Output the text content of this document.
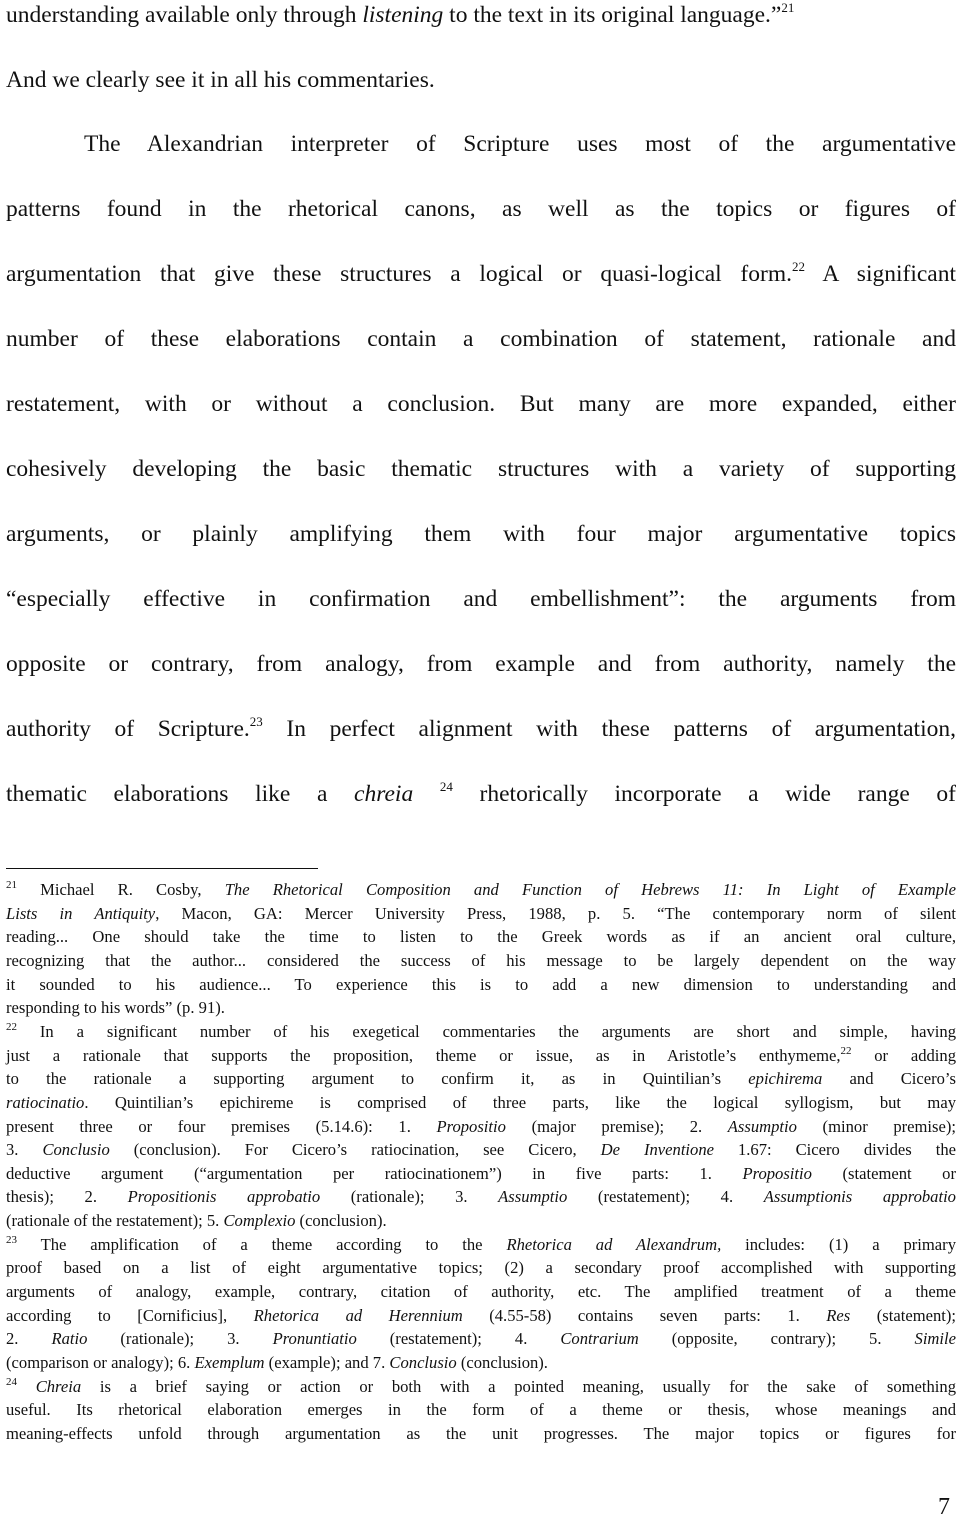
understanding available only through listening to the text in its original language.”$^{21}$
And we clearly see it in all his commentaries.
The Alexandrian interpreter of Scripture uses most of the argumentative
patterns found in the rhetorical canons, as well as the topics or figures of
argumentation that give these structures a logical or quasi-logical form.$^{22}$ A significant
number of these elaborations contain a combination of statement, rationale and
restatement, with or without a conclusion. But many are more expanded, either
cohesively developing the basic thematic structures with a variety of supporting
arguments, or plainly amplifying them with four major argumentative topics
“especially effective in confirmation and embellishment”: the arguments from
opposite or contrary, from analogy, from example and from authority, namely the
authority of Scripture.$^{23}$ In perfect alignment with these patterns of argumentation,
thematic elaborations like a chreia $^{24}$ rhetorically incorporate a wide range of
$^{21}$ Michael R. Cosby, The Rhetorical Composition and Function of Hebrews 11: In Light of Example
Lists in Antiquity, Macon, GA: Mercer University Press, 1988, p. 5. “The contemporary norm of silent
reading... One should take the time to listen to the Greek words as if an ancient oral culture,
recognizing that the author... considered the success of his message to be largely dependent on the way
it sounded to his audience... To experience this is to add a new dimension to understanding and
responding to his words” (p. 91).
$^{22}$ In a significant number of his exegetical commentaries the arguments are short and simple, having
just a rationale that supports the proposition, theme or issue, as in Aristotle’s enthymeme,$^{22}$ or adding
to the rationale a supporting argument to confirm it, as in Quintilian’s epichirema and Cicero’s
ratiocinatio. Quintilian’s epichireme is comprised of three parts, like the logical syllogism, but may
present three or four premises (5.14.6): 1. Propositio (major premise); 2. Assumptio (minor premise);
3. Conclusio (conclusion). For Cicero’s ratiocination, see Cicero, De Inventione 1.67: Cicero divides the
deductive argument (“argumentation per ratiocinationem”) in five parts: 1. Propositio (statement or
thesis); 2. Propositionis approbatio (rationale); 3. Assumptio (restatement); 4. Assumptionis approbatio
(rationale of the restatement); 5. Complexio (conclusion).
$^{23}$ The amplification of a theme according to the Rhetorica ad Alexandrum, includes: (1) a primary
proof based on a list of eight argumentative topics; (2) a secondary proof accomplished with supporting
arguments of analogy, example, contrary, citation of authority, etc. The amplified treatment of a theme
according to [Cornificius], Rhetorica ad Herennium (4.55-58) contains seven parts: 1. Res (statement);
2. Ratio (rationale); 3. Pronuntiatio (restatement); 4. Contrarium (opposite, contrary); 5. Simile
(comparison or analogy); 6. Exemplum (example); and 7. Conclusio (conclusion).
$^{24}$ Chreia is a brief saying or action or both with a pointed meaning, usually for the sake of something
useful. Its rhetorical elaboration emerges in the form of a theme or thesis, whose meanings and
meaning-effects unfold through argumentation as the unit progresses. The major topics or figures for
7
